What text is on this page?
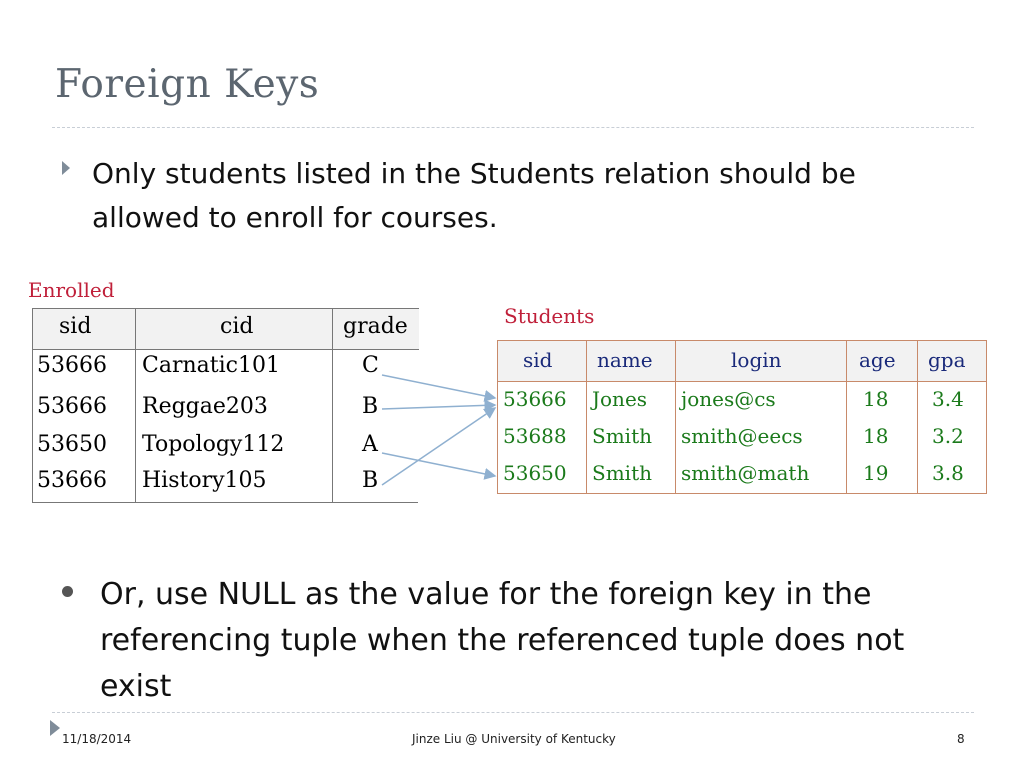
Foreign Keys
Only students listed in the Students relation should be allowed to enroll for courses.
Enrolled
sid	cid	grade
53666 Carnatic101	C
53666 Reggae203	B
53650 Topology112	A
53666 History105	B
Students
sid name	login	age gpa
53666 Jones jones@cs	18 3.4
53688 Smith smith@eecs	18 3.2
53650 Smith smith@math	19 3.8
Or, use NULL as the value for the foreign key in the referencing tuple when the referenced tuple does not exist
11/18/2014	Jinze Liu @ University of Kentucky	8
